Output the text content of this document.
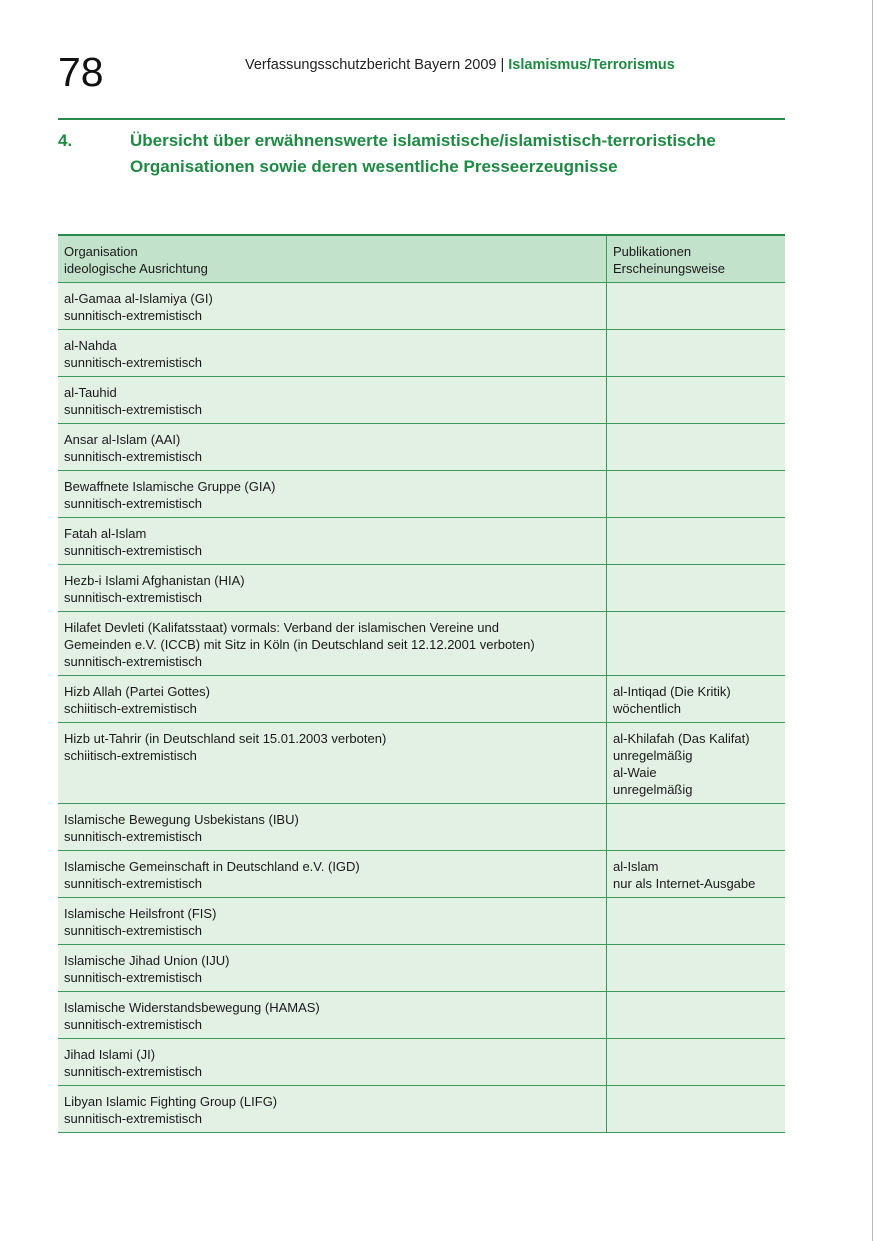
78	Verfassungsschutzbericht Bayern 2009 | Islamismus/Terrorismus
4.	Übersicht über erwähnenswerte islamistische/islamistisch-terroristische
Organisationen sowie deren wesentliche Presseerzeugnisse
Organisation
ideologische Ausrichtung
Publikationen
Erscheinungsweise
al-Gamaa al-Islamiya (GI)
sunnitisch-extremistisch
al-Nahda
sunnitisch-extremistisch
al-Tauhid
sunnitisch-extremistisch
Ansar al-Islam (AAI)
sunnitisch-extremistisch
Bewaffnete Islamische Gruppe (GIA)
sunnitisch-extremistisch
Fatah al-Islam
sunnitisch-extremistisch
Hezb-i Islami Afghanistan (HIA)
sunnitisch-extremistisch
Hilafet Devleti (Kalifatsstaat) vormals: Verband der islamischen Vereine und
Gemeinden e.V. (ICCB) mit Sitz in Köln (in Deutschland seit 12.12.2001 verboten)
sunnitisch-extremistisch
Hizb Allah (Partei Gottes)
schiitisch-extremistisch
al-Intiqad (Die Kritik)
wöchentlich
Hizb ut-Tahrir (in Deutschland seit 15.01.2003 verboten)
schiitisch-extremistisch
al-Khilafah (Das Kalifat)
unregelmäßig
al-Waie
unregelmäßig
Islamische Bewegung Usbekistans (IBU)
sunnitisch-extremistisch
Islamische Gemeinschaft in Deutschland e.V. (IGD)
sunnitisch-extremistisch
al-Islam
nur als Internet-Ausgabe
Islamische Heilsfront (FIS)
sunnitisch-extremistisch
Islamische Jihad Union (IJU)
sunnitisch-extremistisch
Islamische Widerstandsbewegung (HAMAS)
sunnitisch-extremistisch
Jihad Islami (JI)
sunnitisch-extremistisch
Libyan Islamic Fighting Group (LIFG)
sunnitisch-extremistisch
